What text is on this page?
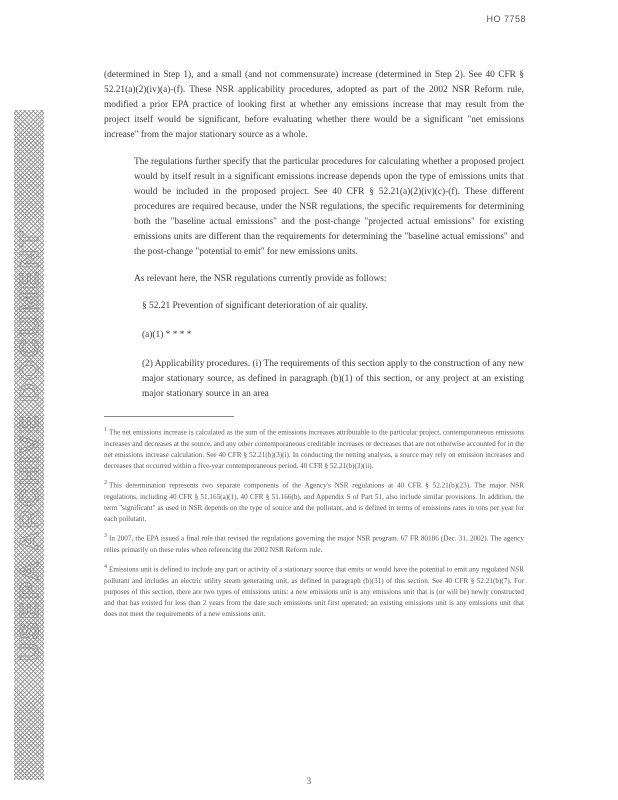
HO 7758
USEPA ARCHIVE DOCUMENT

(determined in Step 1), and a small (and not commensurate) increase (determined in Step 2). See 40 CFR § 52.21(a)(2)(iv)(a)-(f). These NSR applicability procedures, adopted as part of the 2002 NSR Reform rule, modified a prior EPA practice of looking first at whether any emissions increase that may result from the project itself would be significant, before evaluating whether there would be a significant "net emissions increase" from the major stationary source as a whole.

The regulations further specify that the particular procedures for calculating whether a proposed project would by itself result in a significant emissions increase depends upon the type of emissions units that would be included in the proposed project. See 40 CFR § 52.21(a)(2)(iv)(c)-(f). These different procedures are required because, under the NSR regulations, the specific requirements for determining both the "baseline actual emissions" and the post-change "projected actual emissions" for existing emissions units are different than the requirements for determining the "baseline actual emissions" and the post-change "potential to emit" for new emissions units.

As relevant here, the NSR regulations currently provide as follows:

§ 52.21 Prevention of significant deterioration of air quality.

(a)(1) * * * *

(2) Applicability procedures. (i) The requirements of this section apply to the construction of any new major stationary source, as defined in paragraph (b)(1) of this section, or any project at an existing major stationary source in an area

$^1$ The net emissions increase is calculated as the sum of the emissions increases attributable to the particular project, contemporaneous emissions increases and decreases at the source, and any other contemporaneous creditable increases or decreases that are not otherwise accounted for in the net emissions increase calculation. See 40 CFR § 52.21(b)(3)(i). In conducting the netting analysis, a source may rely on emission increases and decreases that occurred within a five-year contemporaneous period. 40 CFR § 52.21(b)(3)(ii).

$^2$ This determination represents two separate components of the Agency's NSR regulations at 40 CFR § 52.21(b)(23). The major NSR regulations, including 40 CFR § 51.165(a)(1), 40 CFR § 51.166(b), and Appendix S of Part 51, also include similar provisions. In addition, the term "significant" as used in NSR depends on the type of source and the pollutant, and is defined in terms of emissions rates in tons per year for each pollutant.

$^3$ In 2007, the EPA issued a final rule that revised the regulations governing the major NSR program. 67 FR 80186 (Dec. 31, 2002). The agency relies primarily on these rules when referencing the 2002 NSR Reform rule.

$^4$ Emissions unit is defined to include any part or activity of a stationary source that emits or would have the potential to emit any regulated NSR pollutant and includes an electric utility steam generating unit, as defined in paragraph (b)(31) of this section. See 40 CFR § 52.21(b)(7). For purposes of this section, there are two types of emissions units: a new emissions unit is any emissions unit that is (or will be) newly constructed and that has existed for less than 2 years from the date such emissions unit first operated; an existing emissions unit is any emissions unit that does not meet the requirements of a new emissions unit.

3
